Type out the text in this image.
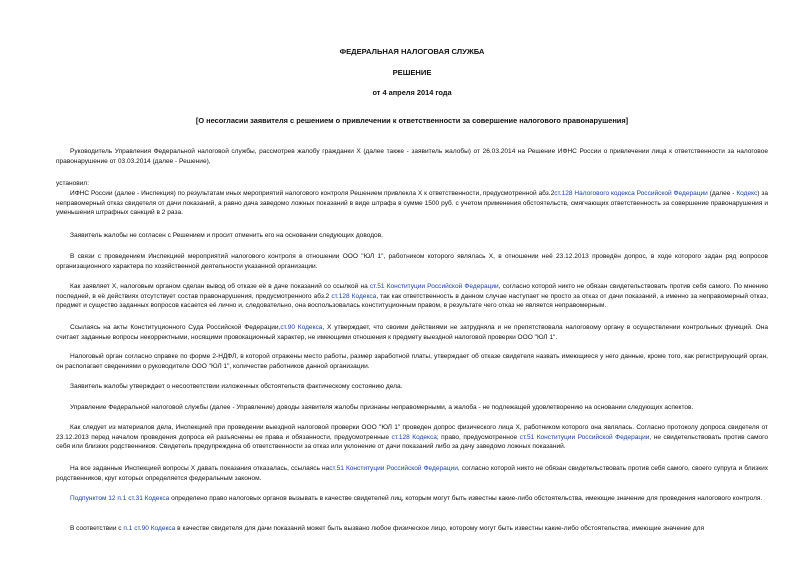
ФЕДЕРАЛЬНАЯ НАЛОГОВАЯ СЛУЖБА
РЕШЕНИЕ
от 4 апреля 2014 года
[О несогласии заявителя с решением о привлечении к ответственности за совершение налогового правонарушения]
Руководитель Управления Федеральной налоговой службы, рассмотрев жалобу гражданки Х (далее также - заявитель жалобы) от 26.03.2014 на Решение ИФНС России о привлечении лица к ответственности за налоговое правонарушение от 03.03.2014 (далее - Решение),
установил:
ИФНС России (далее - Инспекция) по результатам иных мероприятий налогового контроля Решением привлекла Х к ответственности, предусмотренной абз.2ст.128 Налогового кодекса Российской Федерации (далее - Кодекс) за неправомерный отказ свидетеля от дачи показаний, а равно дача заведомо ложных показаний в виде штрафа в сумме 1500 руб. с учетом применения обстоятельств, смягчающих ответственность за совершение правонарушения и уменьшения штрафных санкций в 2 раза.
Заявитель жалобы не согласен с Решением и просит отменить его на основании следующих доводов.
В связи с проведением Инспекцией мероприятий налогового контроля в отношении ООО "ЮЛ 1", работником которого являлась Х, в отношении неё 23.12.2013 проведён допрос, в ходе которого задан ряд вопросов организационного характера по хозяйственной деятельности указанной организации.
Как заявляет Х, налоговым органом сделан вывод об отказе её в даче показаний со ссылкой на ст.51 Конституции Российской Федерации, согласно которой никто не обязан свидетельствовать против себя самого. По мнению последней, в её действиях отсутствует состав правонарушения, предусмотренного абз.2 ст.128 Кодекса, так как ответственность в данном случае наступает не просто за отказ от дачи показаний, а именно за неправомерный отказ, предмет и существо заданных вопросов касается её лично и, следовательно, она воспользовалась конституционным правом, в результате чего отказ не является неправомерным.
Ссылаясь на акты Конституционного Суда Российской Федерации,ст.90 Кодекса, Х утверждает, что своими действиями не затрудняла и не препятствовала налоговому органу в осуществлении контрольных функций. Она считает заданные вопросы некорректными, носящими провокационный характер, не имеющими отношения к предмету выездной налоговой проверки ООО "ЮЛ 1".
Налоговый орган согласно справке по форме 2-НДФЛ, в которой отражены место работы, размер заработной платы, утверждает об отказе свидетеля назвать имеющиеся у него данные, кроме того, как регистрирующий орган, он располагает сведениями о руководителе ООО "ЮЛ 1", количестве работников данной организации.
Заявитель жалобы утверждает о несоответствии изложенных обстоятельств фактическому состоянию дела.
Управление Федеральной налоговой службы (далее - Управление) доводы заявителя жалобы признаны неправомерными, а жалоба - не подлежащей удовлетворению на основании следующих аспектов.
Как следует из материалов дела, Инспекцией при проведении выездной налоговой проверки ООО "ЮЛ 1" проведен допрос физического лица Х, работником которого она являлась. Согласно протоколу допроса свидетеля от 23.12.2013 перед началом проведения допроса ей разъяснены ее права и обязанности, предусмотренные ст.128 Кодекса; право, предусмотренное ст.51 Конституции Российской Федерации, не свидетельствовать против самого себя или близких родственников. Свидетель предупреждена об ответственности за отказ или уклонение от дачи показаний либо за дачу заведомо ложных показаний.
На все заданные Инспекцией вопросы Х давать показания отказалась, ссылаясь наст.51 Конституции Российской Федерации, согласно которой никто не обязан свидетельствовать против себя самого, своего супруга и близких родственников, круг которых определяется федеральным законом.
Подпунктом 12 п.1 ст.31 Кодекса определено право налоговых органов вызывать в качестве свидетелей лиц, которым могут быть известны какие-либо обстоятельства, имеющие значение для проведения налогового контроля.
В соответствии с п.1 ст.90 Кодекса в качестве свидетеля для дачи показаний может быть вызвано любое физическое лицо, которому могут быть известны какие-либо обстоятельства, имеющие значение для
